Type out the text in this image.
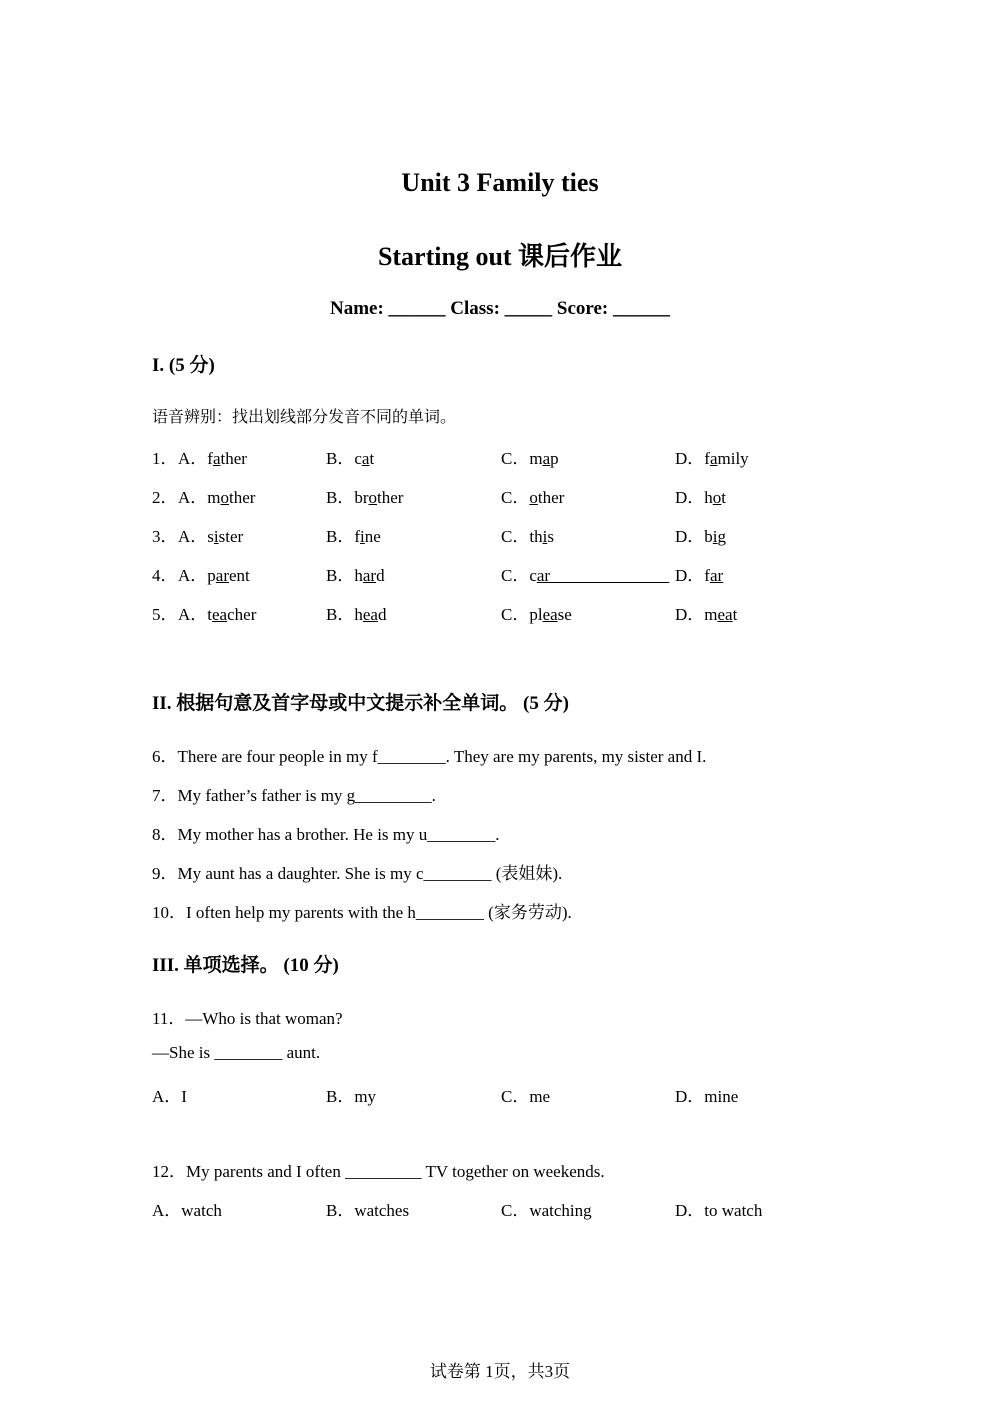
Unit 3 Family ties
Starting out 课后作业
Name: ______ Class: _____ Score: ______
I. (5 分)
语音辨别：找出划线部分发音不同的单词。
1． A．father	B．cat	C．map	D．family
2． A．mother	B．brother	C．other	D．hot
3． A．sister	B．fine	C．this	D．big
4． A．parent	B．hard	C．car______________ D．far
5． A．teacher	B．head	C．please	D．meat
II. 根据句意及首字母或中文提示补全单词。 (5 分)
6．There are four people in my f________. They are my parents, my sister and I.
7．My father’s father is my g_________.
8．My mother has a brother. He is my u________.
9．My aunt has a daughter. She is my c________ (表姐妹).
10．I often help my parents with the h________ (家务劳动).
III. 单项选择。 (10 分)
11．—Who is that woman?
—She is ________ aunt.
A．I	B．my	C．me	D．mine
12．My parents and I often _________ TV together on weekends.
A．watch	B．watches	C．watching	D．to watch
试卷第 1页，共3页
